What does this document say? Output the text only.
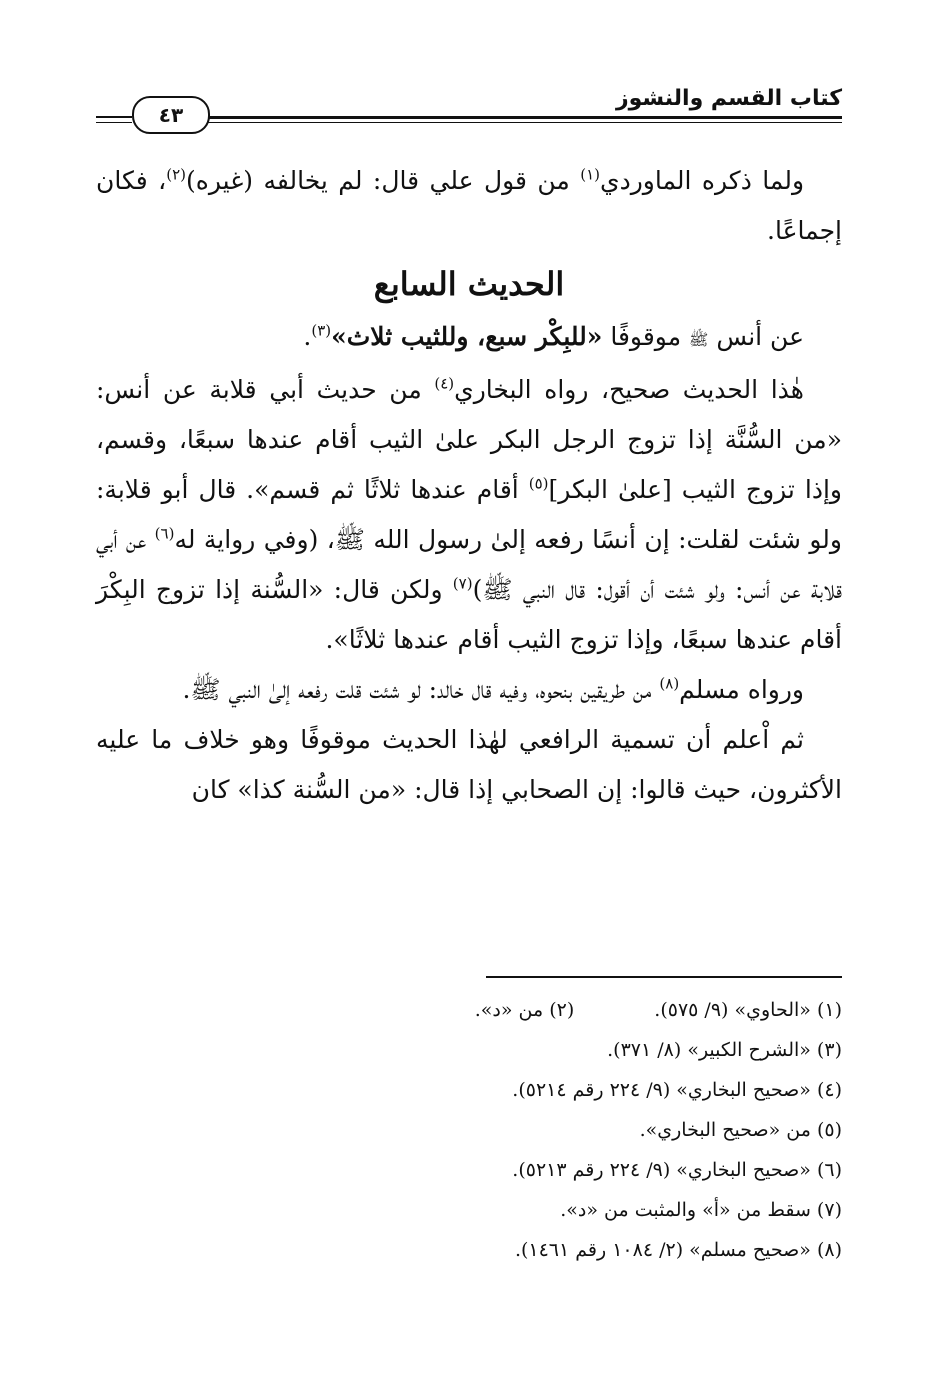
كتاب القسم والنشوز
٤٣

ولما ذكره الماوردي$^{(١)}$ من قول علي قال: لم يخالفه (غيره)$^{(٢)}$، فكان إجماعًا.

الحديث السابع

عن أنس ﷺ موقوفًا «للبِكْر سبع، وللثيب ثلاث»$^{(٣)}$.

هٰذا الحديث صحيح، رواه البخاري$^{(٤)}$ من حديث أبي قلابة عن أنس: «من السُّنَّة إذا تزوج الرجل البكر علىٰ الثيب أقام عندها سبعًا، وقسم، وإذا تزوج الثيب [علىٰ البكر]$^{(٥)}$ أقام عندها ثلاثًا ثم قسم». قال أبو قلابة: ولو شئت لقلت: إن أنسًا رفعه إلىٰ رسول الله ﷺ، (وفي رواية له$^{(٦)}$ عن أبي قلابة عن أنس: ولو شئت أن أقول: قال النبي ﷺ)$^{(٧)}$ ولكن قال: «السُّنة إذا تزوج البِكْرَ أقام عندها سبعًا، وإذا تزوج الثيب أقام عندها ثلاثًا».

ورواه مسلم$^{(٨)}$ من طريقين بنحوه، وفيه قال خالد: لو شئت قلت رفعه إلىٰ النبي ﷺ.

ثم اْعلم أن تسمية الرافعي لهٰذا الحديث موقوفًا وهو خلاف ما عليه الأكثرون، حيث قالوا: إن الصحابي إذا قال: «من السُّنة كذا» كان

(١) «الحاوي» (٩/ ٥٧٥).
(٢) من «د».
(٣) «الشرح الكبير» (٨/ ٣٧١).
(٤) «صحيح البخاري» (٩/ ٢٢٤ رقم ٥٢١٤).
(٥) من «صحيح البخاري».
(٦) «صحيح البخاري» (٩/ ٢٢٤ رقم ٥٢١٣).
(٧) سقط من «أ» والمثبت من «د».
(٨) «صحيح مسلم» (٢/ ١٠٨٤ رقم ١٤٦١).
